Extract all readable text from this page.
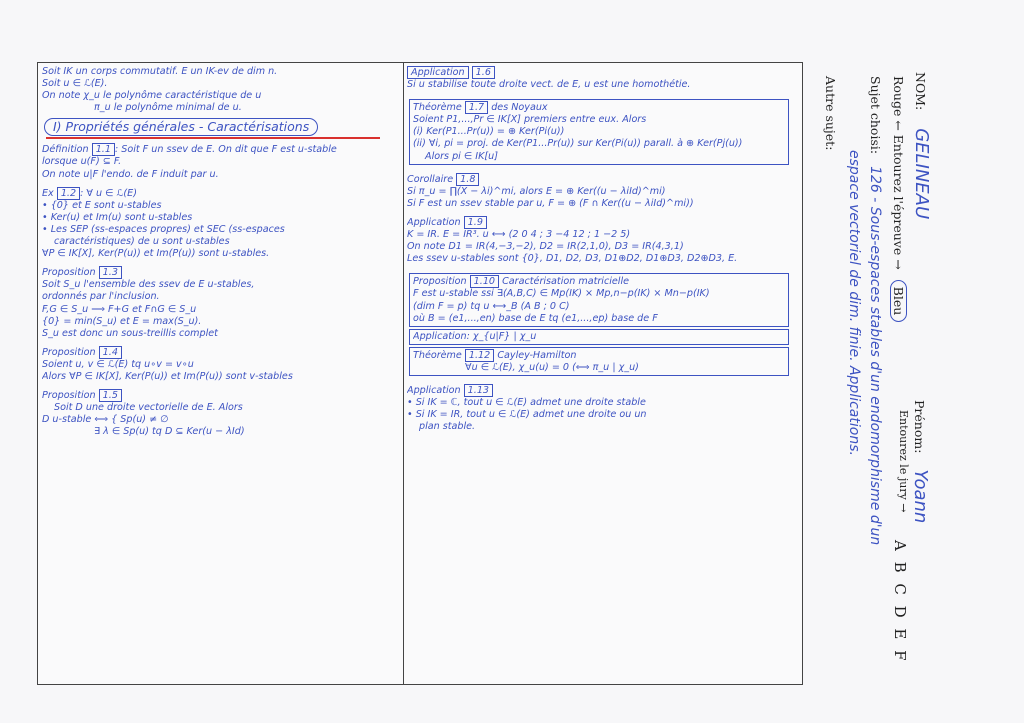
Soit IK un corps commutatif. E un IK-ev de dim n.
Soit u ∈ ℒ(E).
On note χ_u le polynôme caractéristique de u
π_u le polynôme minimal de u.
I) Propriétés générales - Caractérisations
Définition 1.1 : Soit F un ssev de E. On dit que F est u-stable
lorsque u(F) ⊆ F.
On note u|F l'endo. de F induit par u.
Ex 1.2 : ∀ u ∈ ℒ(E)
• {0} et E sont u-stables
• Ker(u) et Im(u) sont u-stables
• Les SEP (ss-espaces propres) et SEC (ss-espaces
caractéristiques) de u sont u-stables
∀P ∈ IK[X], Ker(P(u)) et Im(P(u)) sont u-stables.
Proposition 1.3
Soit S_u l'ensemble des ssev de E u-stables,
ordonnés par l'inclusion.
F,G ∈ S_u ⟹ F+G et F∩G ∈ S_u
{0} = min(S_u) et E = max(S_u).
S_u est donc un sous-treillis complet
Proposition 1.4
Soient u, v ∈ ℒ(E) tq u∘v = v∘u
Alors ∀P ∈ IK[X], Ker(P(u)) et Im(P(u)) sont v-stables
Proposition 1.5
Soit D une droite vectorielle de E. Alors
D u-stable ⟺ { Sp(u) ≠ ∅
∃ λ ∈ Sp(u) tq D ⊆ Ker(u − λId)
Application 1.6
Si u stabilise toute droite vect. de E, u est une homothétie.
Théorème 1.7 des Noyaux
Soient P1,...,Pr ∈ IK[X] premiers entre eux. Alors
(i) Ker(P1...Pr(u)) = ⊕ Ker(Pi(u))
(ii) ∀i, pi = proj. de Ker(P1...Pr(u)) sur Ker(Pi(u)) parall. à ⊕ Ker(Pj(u))
Alors pi ∈ IK[u]
Corollaire 1.8
Si π_u = ∏(X − λi)^mi, alors E = ⊕ Ker((u − λiId)^mi)
Si F est un ssev stable par u, F = ⊕ (F ∩ Ker((u − λiId)^mi))
Application 1.9
K = IR. E = IR³. u ⟷ (2 0 4 ; 3 −4 12 ; 1 −2 5)
On note D1 = IR(4,−3,−2), D2 = IR(2,1,0), D3 = IR(4,3,1)
Les ssev u-stables sont {0}, D1, D2, D3, D1⊕D2, D1⊕D3, D2⊕D3, E.
Proposition 1.10 Caractérisation matricielle
F est u-stable ssi ∃(A,B,C) ∈ Mp(IK) × Mp,n−p(IK) × Mn−p(IK)
(dim F = p) tq u ⟷_B (A B ; 0 C)
où B = (e1,...,en) base de E tq (e1,...,ep) base de F
Application: χ_{u|F} | χ_u
Théorème 1.12 Cayley-Hamilton
∀u ∈ ℒ(E), χ_u(u) = 0 (⟺ π_u | χ_u)
Application 1.13
• Si IK = ℂ, tout u ∈ ℒ(E) admet une droite stable
• Si IK = IR, tout u ∈ ℒ(E) admet une droite ou un
plan stable.
NOM: GELINEAU
Prénom: Yoann
Rouge ← Entourez l'épreuve → Bleu
Entourez le jury →
A B C D E F
Sujet choisi: 126 - Sous-espaces stables d'un endomorphisme d'un
espace vectoriel de dim. finie. Applications.
Autre sujet:
